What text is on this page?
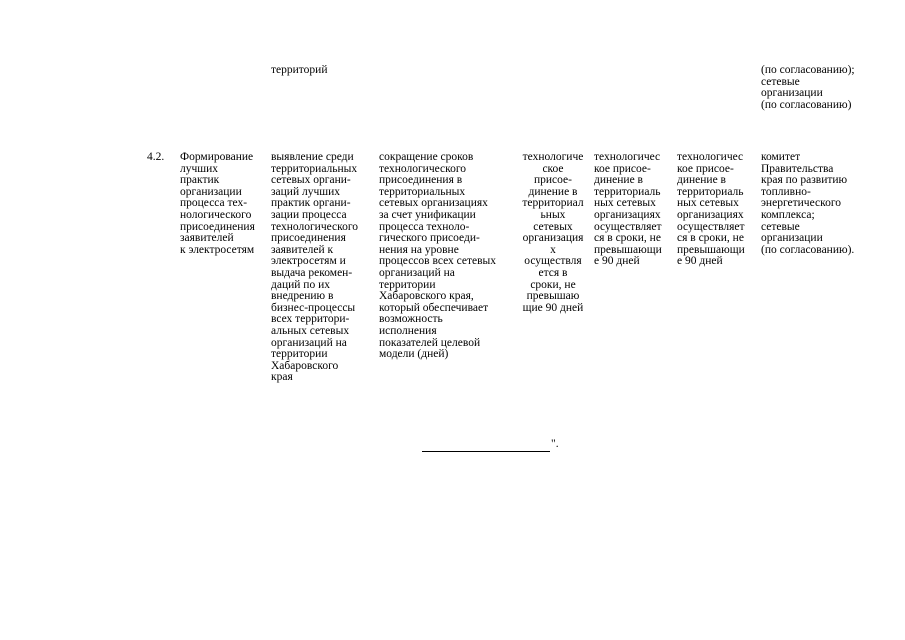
территорий	(по согласованию);
сетевые
организации
(по согласованию)
4.2. Формирование
лучших
практик
организации
процесса тех-
нологического
присоединения
заявителей
к электросетям
выявление среди
территориальных
сетевых органи-
заций лучших
практик органи-
зации процесса
технологического
присоединения
заявителей к
электросетям и
выдача рекомен-
даций по их
внедрению в
бизнес-процессы
всех территори-
альных сетевых
организаций на
территории
Хабаровского
края
сокращение сроков
технологического
присоединения в
территориальных
сетевых организациях
за счет унификации
процесса техноло-
гического присоеди-
нения на уровне
процессов всех сетевых
организаций на
территории
Хабаровского края,
который обеспечивает
возможность
исполнения
показателей целевой
модели (дней)
технологиче
ское
присое-
динение в
территориал
ьных
сетевых
организация
х
осуществля
ется в
сроки, не
превышаю
щие 90 дней
технологичес
кое присое-
динение в
территориаль
ных сетевых
организациях
осуществляет
ся в сроки, не
превышающи
е 90 дней
технологичес
кое присое-
динение в
территориаль
ных сетевых
организациях
осуществляет
ся в сроки, не
превышающи
е 90 дней
комитет
Правительства
края по развитию
топливно-
энергетического
комплекса;
сетевые
организации
(по согласованию).
".
